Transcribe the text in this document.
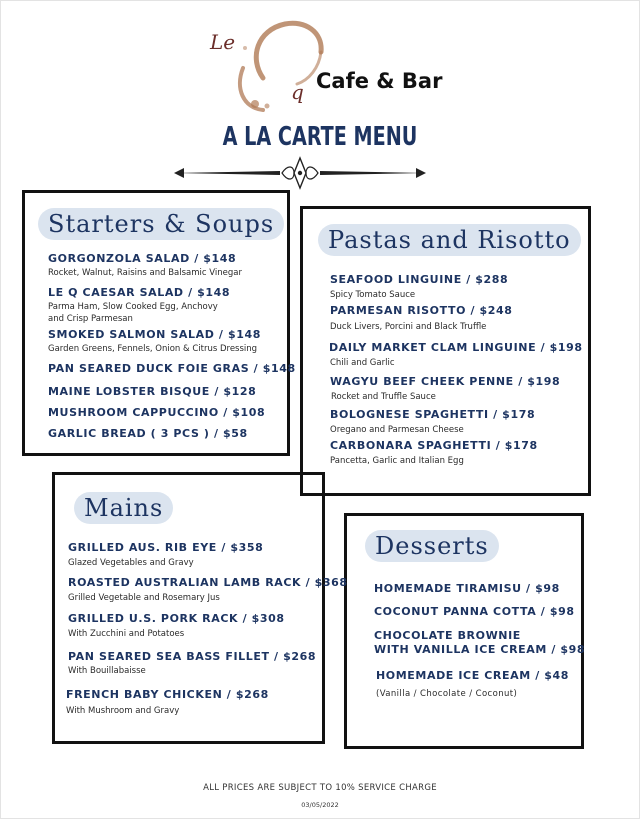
Le
q Cafe & Bar
A LA CARTE MENU
Starters & Soups
GORGONZOLA SALAD / $148
Rocket, Walnut, Raisins and Balsamic Vinegar
LE Q CAESAR SALAD / $148
Parma Ham, Slow Cooked Egg, Anchovy
and Crisp Parmesan
SMOKED SALMON SALAD / $148
Garden Greens, Fennels, Onion & Citrus Dressing
PAN SEARED DUCK FOIE GRAS / $148
MAINE LOBSTER BISQUE / $128
MUSHROOM CAPPUCCINO / $108
GARLIC BREAD ( 3 PCS ) / $58
Pastas and Risotto
SEAFOOD LINGUINE / $288
Spicy Tomato Sauce
PARMESAN RISOTTO / $248
Duck Livers, Porcini and Black Truffle
DAILY MARKET CLAM LINGUINE / $198
Chili and Garlic
WAGYU BEEF CHEEK PENNE / $198
Rocket and Truffle Sauce
BOLOGNESE SPAGHETTI / $178
Oregano and Parmesan Cheese
CARBONARA SPAGHETTI / $178
Pancetta, Garlic and Italian Egg
Mains
GRILLED AUS. RIB EYE / $358
Glazed Vegetables and Gravy
ROASTED AUSTRALIAN LAMB RACK / $368
Grilled Vegetable and Rosemary Jus
GRILLED U.S. PORK RACK / $308
With Zucchini and Potatoes
PAN SEARED SEA BASS FILLET / $268
With Bouillabaisse
FRENCH BABY CHICKEN / $268
With Mushroom and Gravy
Desserts
HOMEMADE TIRAMISU / $98
COCONUT PANNA COTTA / $98
CHOCOLATE BROWNIE
WITH VANILLA ICE CREAM / $98
HOMEMADE ICE CREAM / $48
(Vanilla / Chocolate / Coconut)
ALL PRICES ARE SUBJECT TO 10% SERVICE CHARGE
03/05/2022
